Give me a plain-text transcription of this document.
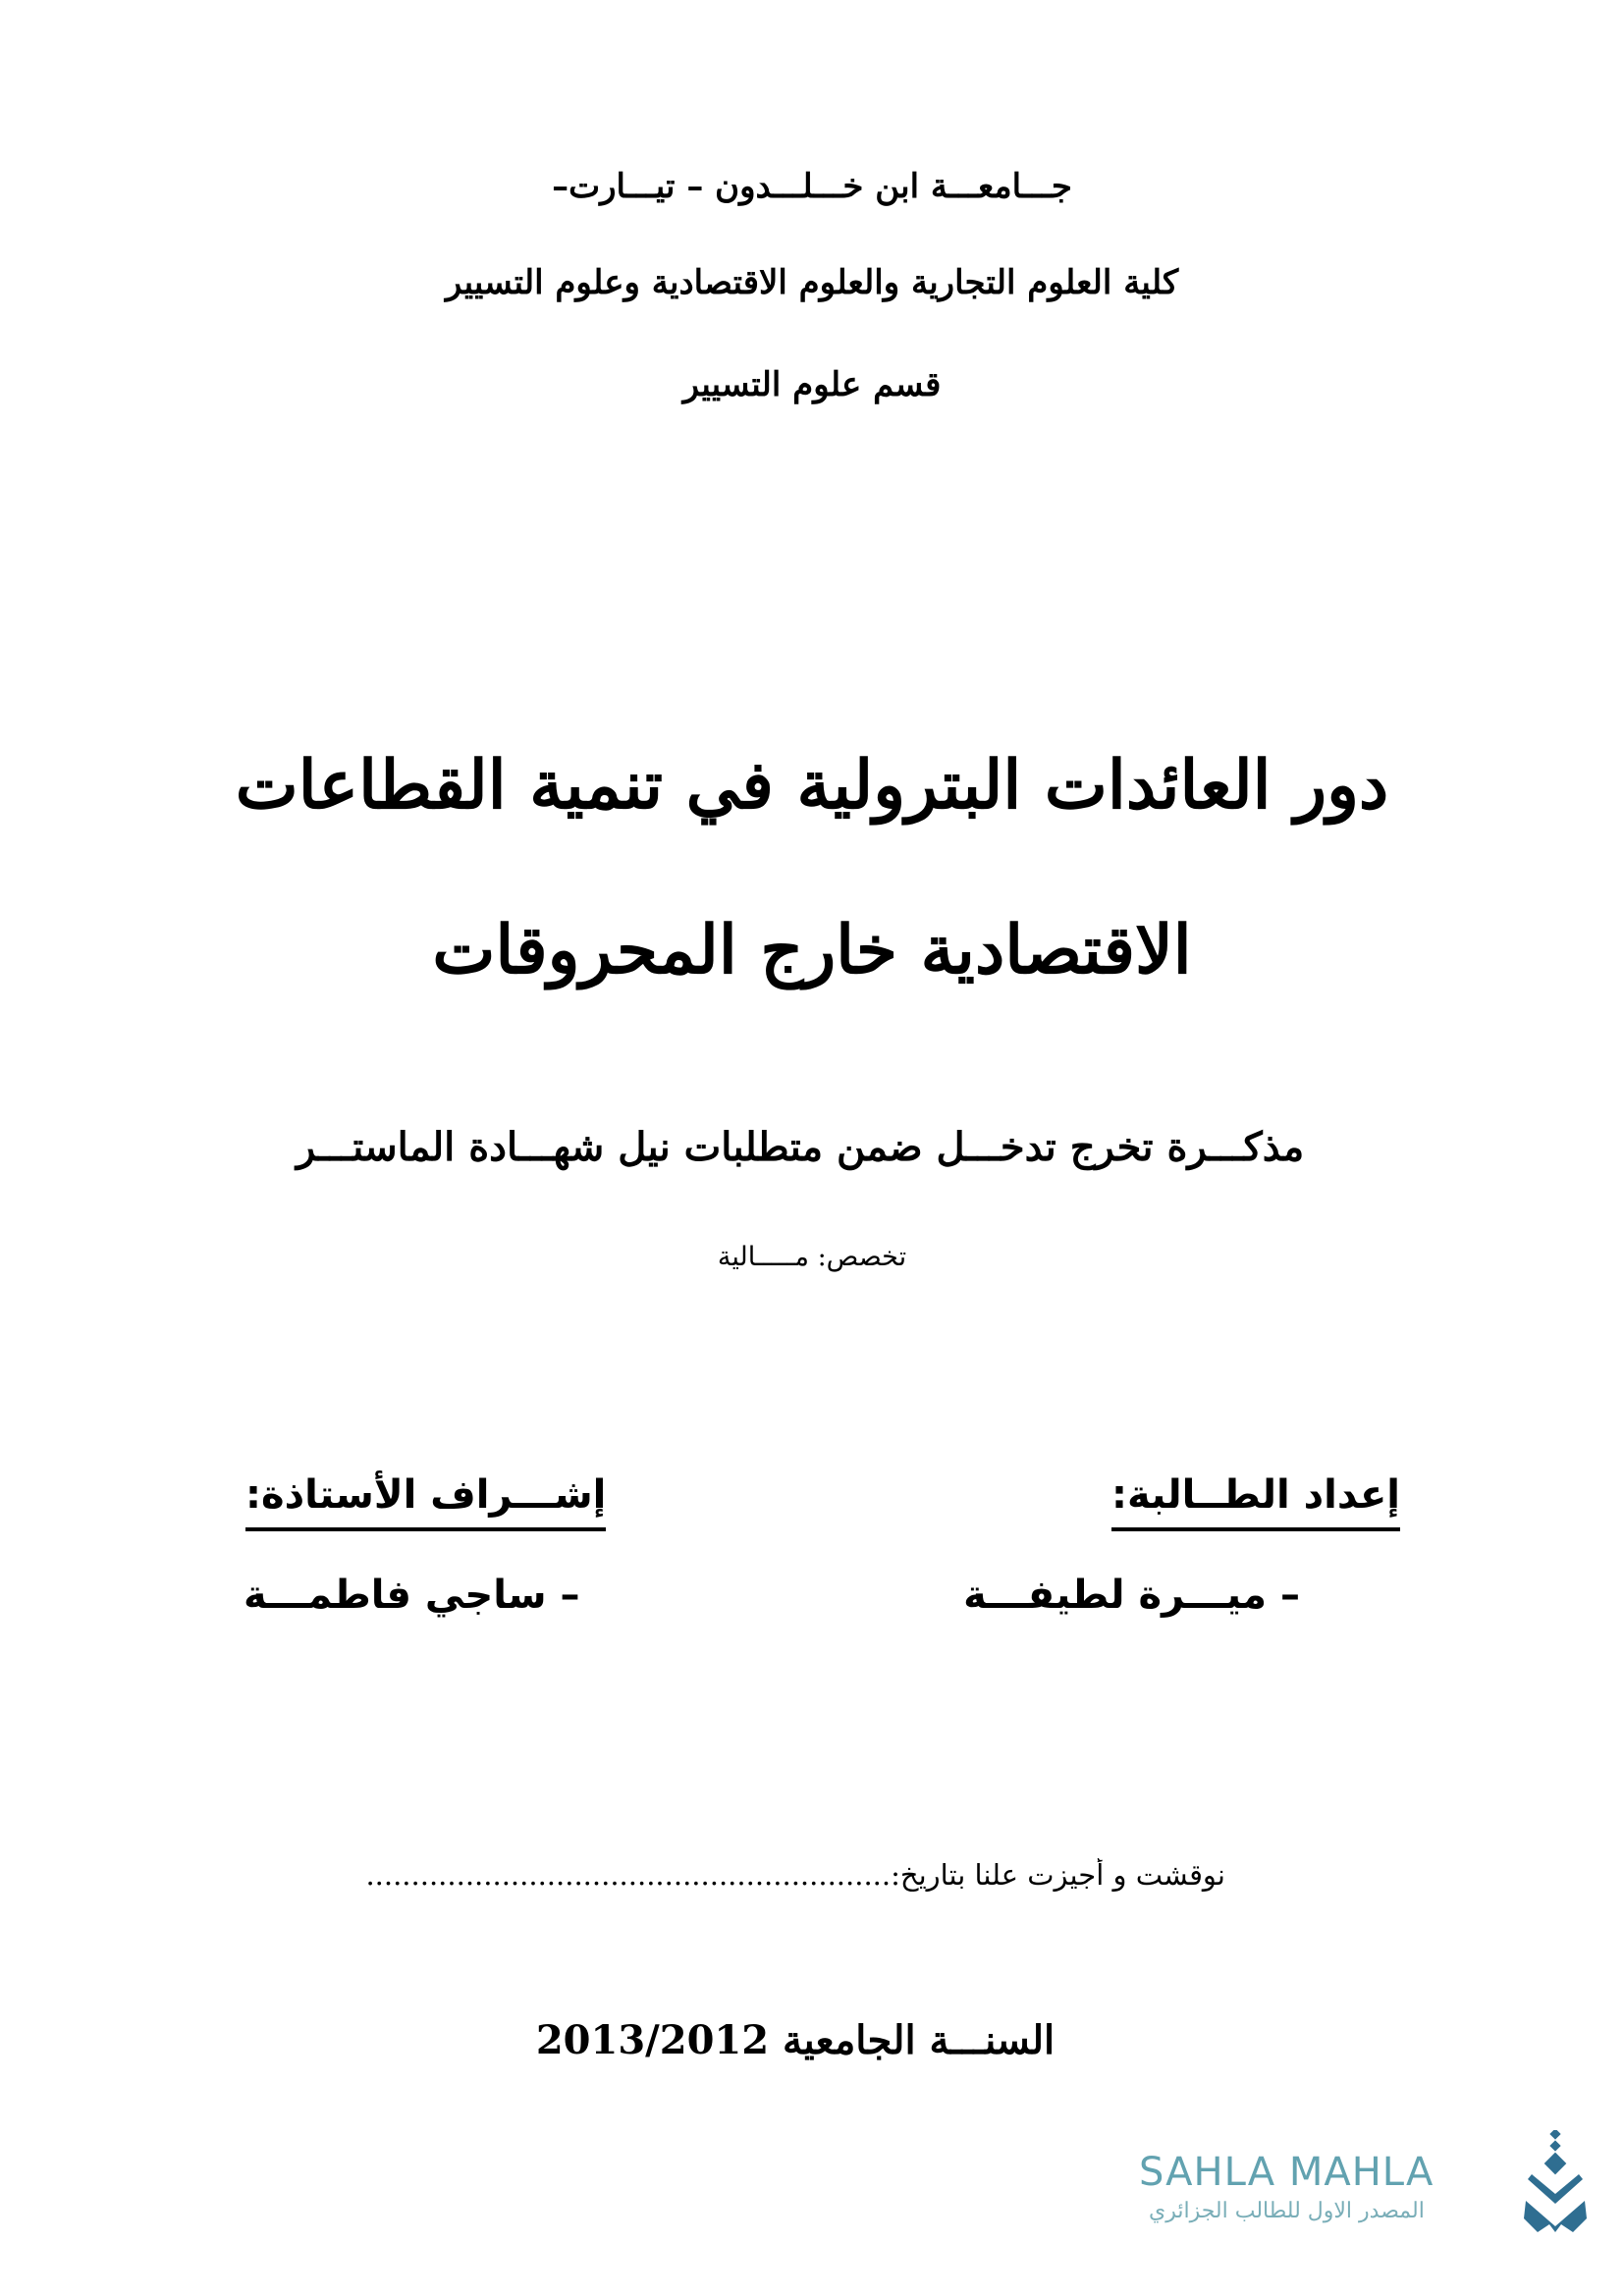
جـــامعـــة ابن خـــلـــدون – تيـــارت–
كلية العلوم التجارية والعلوم الاقتصادية وعلوم التسيير
قسم علوم التسيير
دور العائدات البترولية في تنمية القطاعات
الاقتصادية خارج المحروقات
مذكـــرة تخرج تدخـــل ضمن متطلبات نيل شهـــادة الماستـــر
تخصص: مـــــالية
إعداد الطــالبة:
– ميـــرة لطيفـــة
إشـــراف الأستاذة:
– ساجي فاطمـــة
نوقشت و أجيزت علنا بتاريخ:..........................................................
السنـــة الجامعية 2013/2012
SAHLA MAHLA
المصدر الاول للطالب الجزائري
